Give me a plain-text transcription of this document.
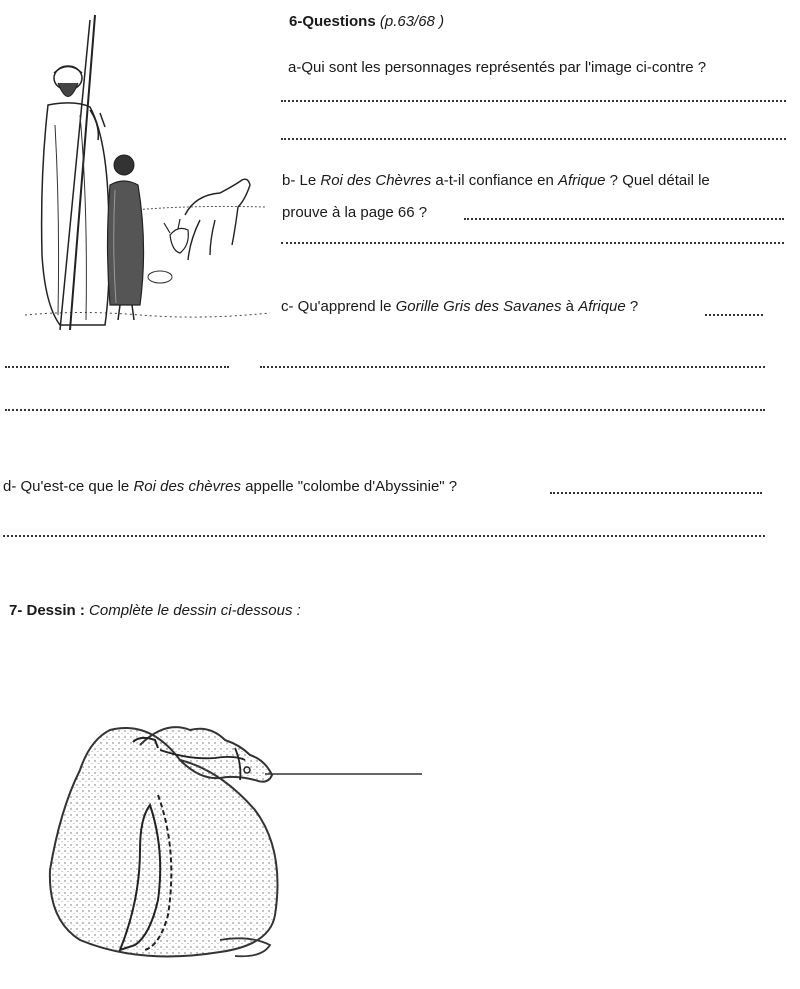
6-Questions (p.63/68 )
a-Qui sont les personnages représentés par l'image ci-contre ?
b- Le Roi des Chèvres a-t-il confiance en Afrique ? Quel détail le
prouve à la page 66 ?
c- Qu'apprend le Gorille Gris des Savanes à Afrique ?
d- Qu'est-ce que le Roi des chèvres appelle "colombe d'Abyssinie" ?
7- Dessin : Complète le dessin ci-dessous :
